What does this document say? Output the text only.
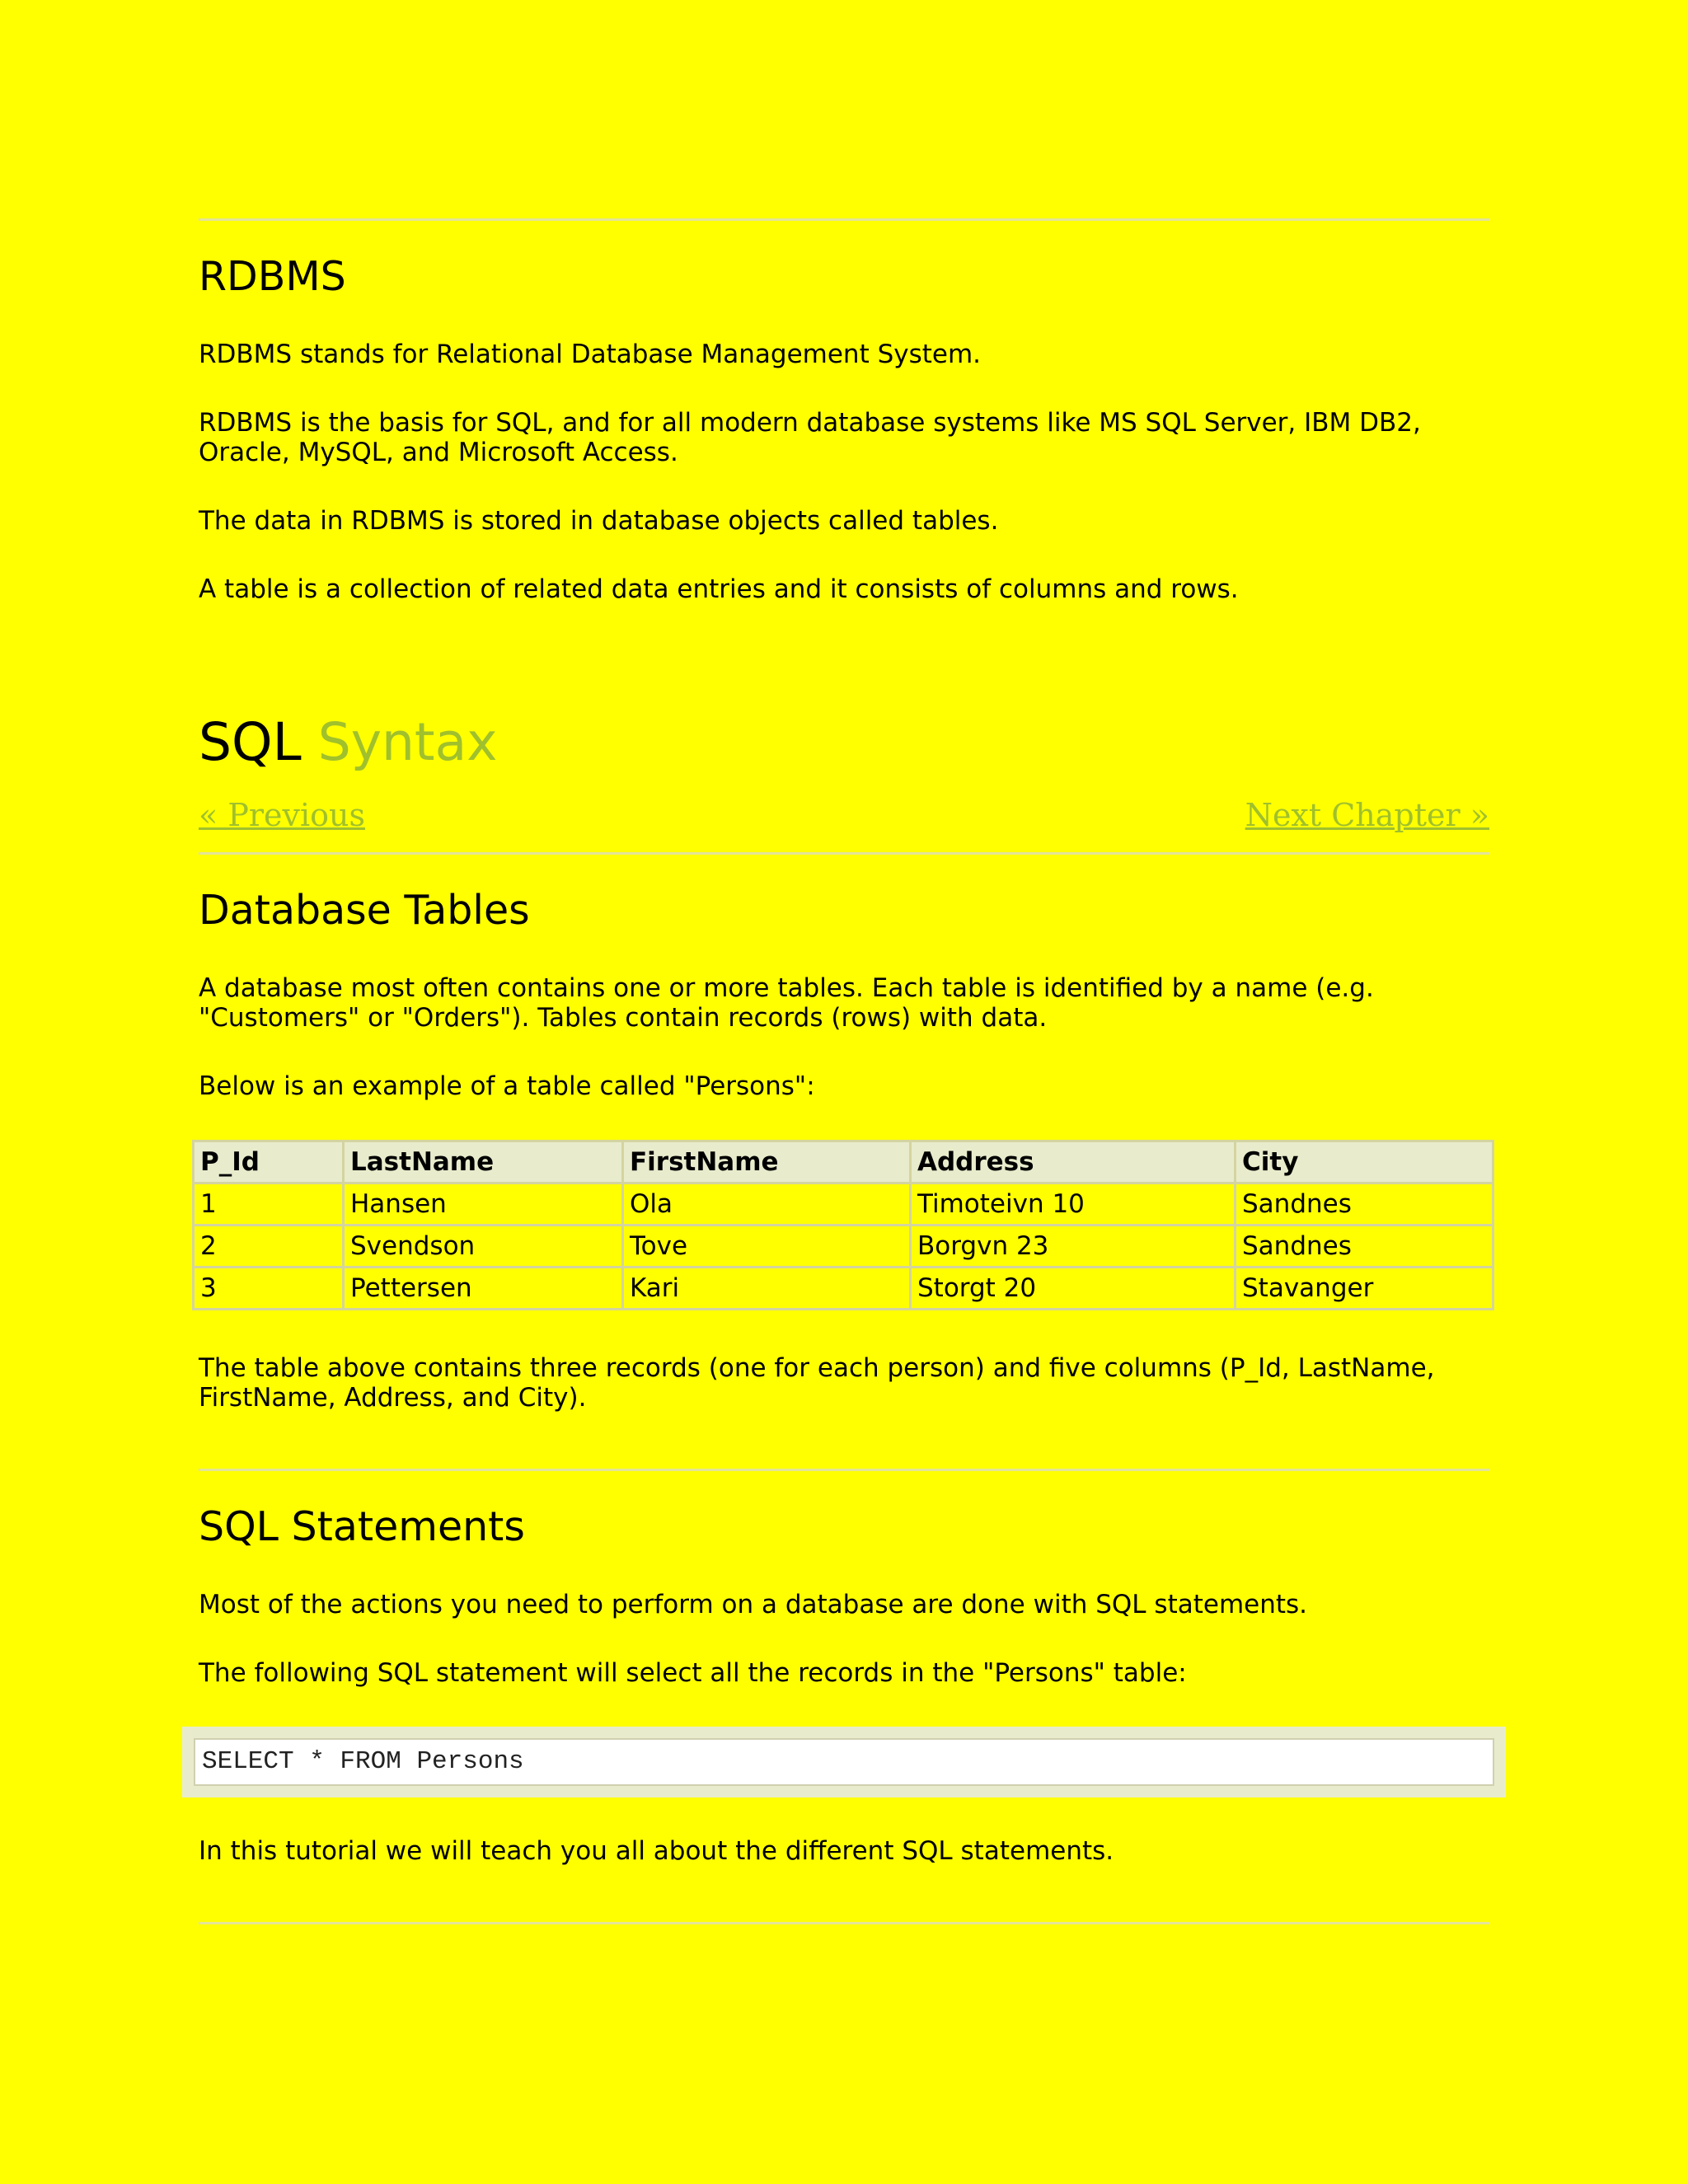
RDBMS

RDBMS stands for Relational Database Management System.

RDBMS is the basis for SQL, and for all modern database systems like MS SQL Server, IBM DB2, Oracle, MySQL, and Microsoft Access.

The data in RDBMS is stored in database objects called tables.

A table is a collection of related data entries and it consists of columns and rows.

SQL Syntax
« Previous	Next Chapter »
Database Tables

A database most often contains one or more tables. Each table is identified by a name (e.g. "Customers" or "Orders"). Tables contain records (rows) with data.

Below is an example of a table called "Persons":

P_Id	LastName	FirstName	Address	City
1	Hansen	Ola	Timoteivn 10	Sandnes
2	Svendson	Tove	Borgvn 23	Sandnes
3	Pettersen	Kari	Storgt 20	Stavanger

The table above contains three records (one for each person) and five columns (P_Id, LastName, FirstName, Address, and City).

SQL Statements

Most of the actions you need to perform on a database are done with SQL statements.

The following SQL statement will select all the records in the "Persons" table:

SELECT * FROM Persons

In this tutorial we will teach you all about the different SQL statements.
